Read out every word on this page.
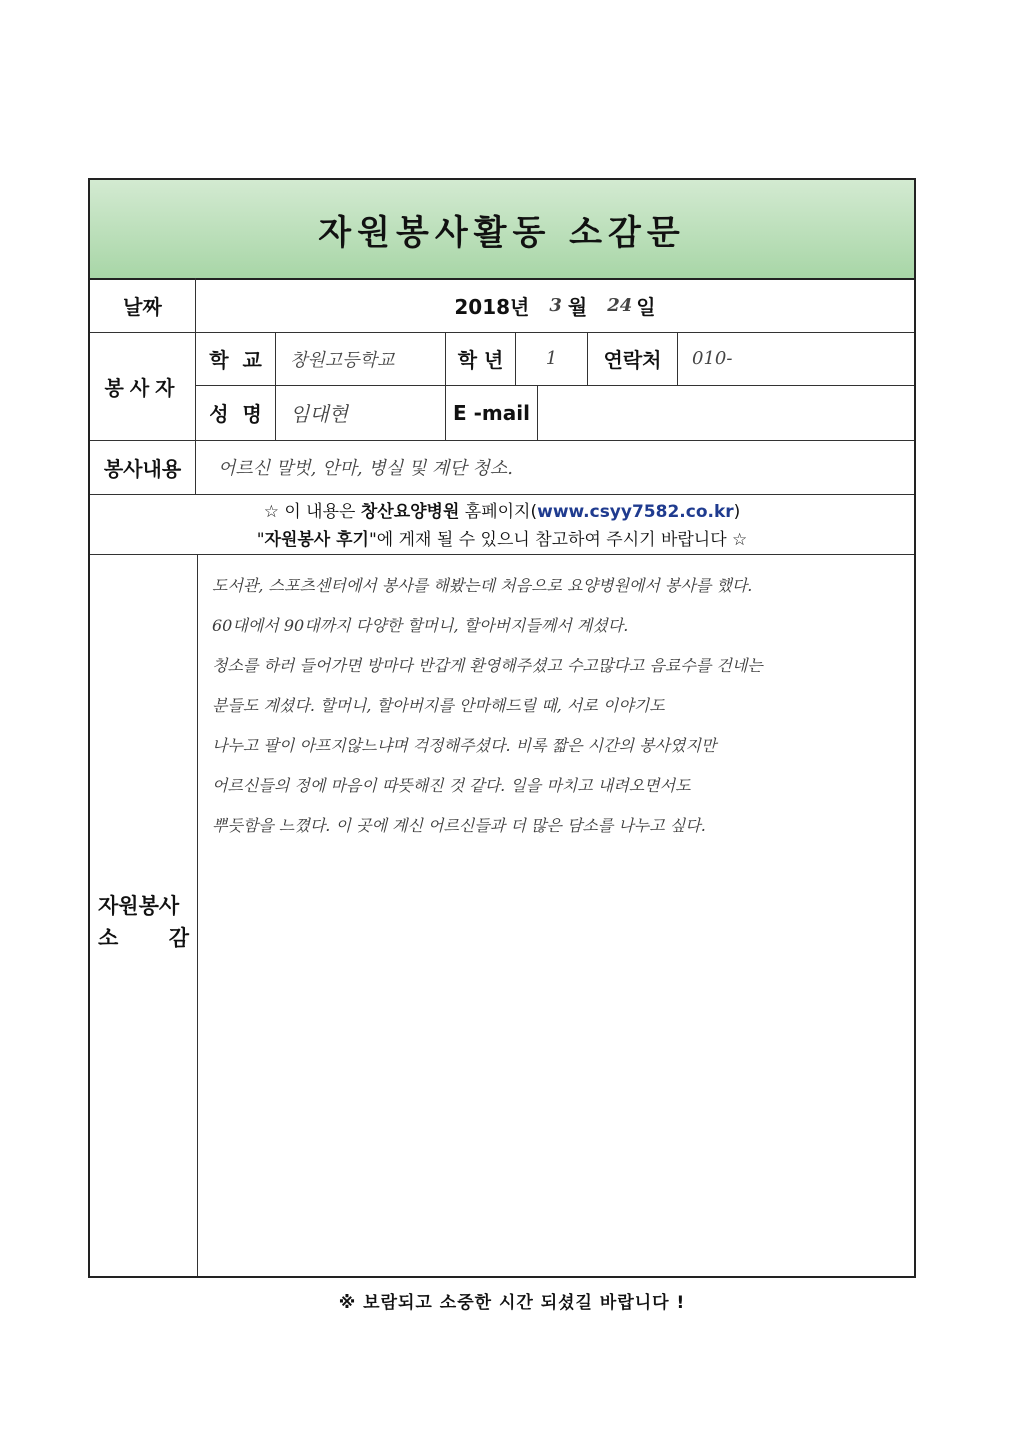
자원봉사활동 소감문
날짜	2018년	3 월	24 일
봉사자
학  교	창원고등학교	학 년	1	연락처	010-
성  명	임대현	E -mail
봉사내용	어르신 말벗, 안마, 병실 및 계단 청소.
☆ 이 내용은 창산요양병원 홈페이지(www.csyy7582.co.kr)
"자원봉사 후기"에 게재 될 수 있으니 참고하여 주시기 바랍니다 ☆
자원봉사
소 감

도서관, 스포츠센터에서 봉사를 해봤는데 처음으로 요양병원에서 봉사를 했다.

60대에서 90대까지 다양한 할머니, 할아버지들께서 계셨다.

청소를 하러 들어가면 방마다 반갑게 환영해주셨고 수고많다고 음료수를 건네는

분들도 계셨다. 할머니, 할아버지를 안마해드릴 때, 서로 이야기도

나누고 팔이 아프지않느냐며 걱정해주셨다. 비록 짧은 시간의 봉사였지만

어르신들의 정에 마음이 따뜻해진 것 같다. 일을 마치고 내려오면서도

뿌듯함을 느꼈다. 이 곳에 계신 어르신들과 더 많은 담소를 나누고 싶다.

※ 보람되고 소중한 시간 되셨길 바랍니다 !
